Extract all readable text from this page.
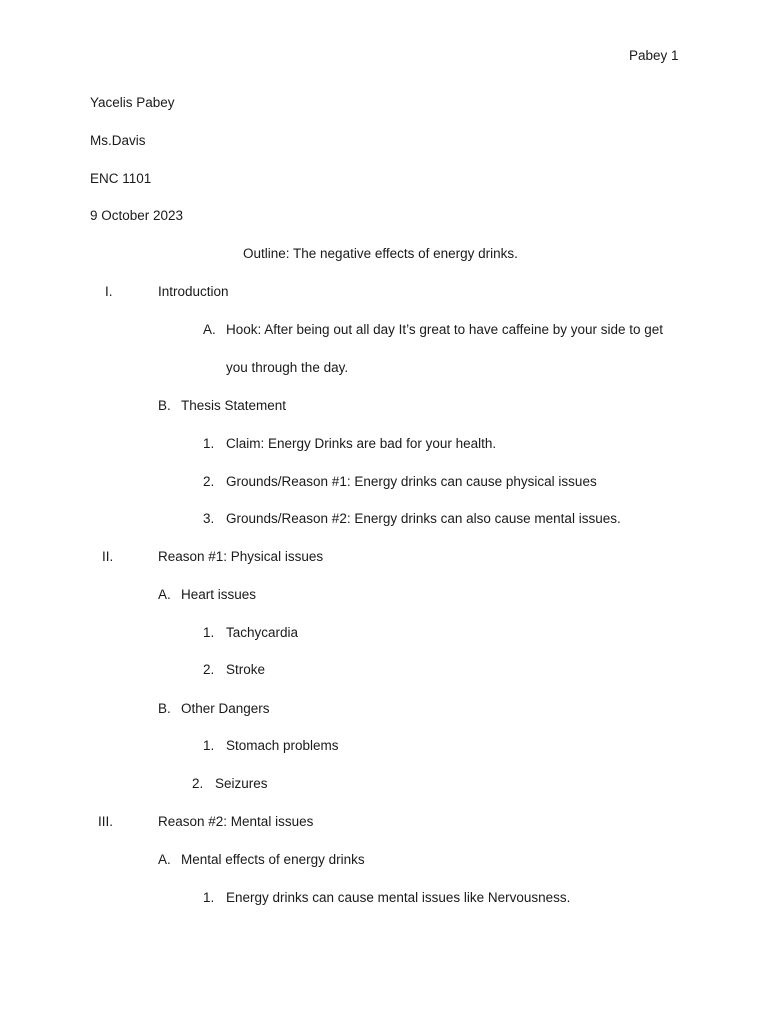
Pabey 1
Yacelis Pabey
Ms.Davis
ENC 1101
9 October 2023
Outline: The negative effects of energy drinks.
I.	Introduction
A. Hook: After being out all day It’s great to have caffeine by your side to get
you through the day.
B. Thesis Statement
1. Claim: Energy Drinks are bad for your health.
2. Grounds/Reason #1: Energy drinks can cause physical issues
3. Grounds/Reason #2: Energy drinks can also cause mental issues.
II.	Reason #1: Physical issues
A. Heart issues
1. Tachycardia
2. Stroke
B. Other Dangers
1. Stomach problems
2. Seizures
III.	Reason #2: Mental issues
A. Mental effects of energy drinks
1. Energy drinks can cause mental issues like Nervousness.
